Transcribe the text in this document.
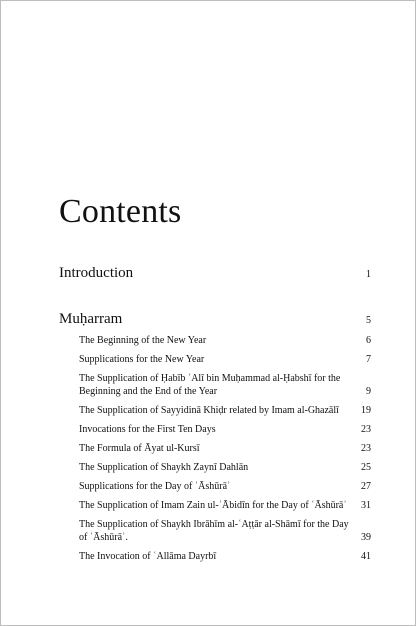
Contents
Introduction	1
Muḥarram	5
The Beginning of the New Year	6
Supplications for the New Year	7
The Supplication of Ḥabīb ʿAlī bin Muḥammad al-Ḥabshī for the Beginning and the End of the Year	9
The Supplication of Sayyidinā Khiḍr related by Imam al-Ghazālī	19
Invocations for the First Ten Days	23
The Formula of Āyat ul-Kursī	23
The Supplication of Shaykh Zaynī Dahlān	25
Supplications for the Day of ʿĀshūrāʾ	27
The Supplication of Imam Zain ul-ʿĀbidīn for the Day of ʿĀshūrāʾ	31
The Supplication of Shaykh Ibrāhīm al-ʿAṭṭār al-Shāmī for the Day of ʿĀshūrāʾ.	39
The Invocation of ʿAllāma Dayrbī	41
